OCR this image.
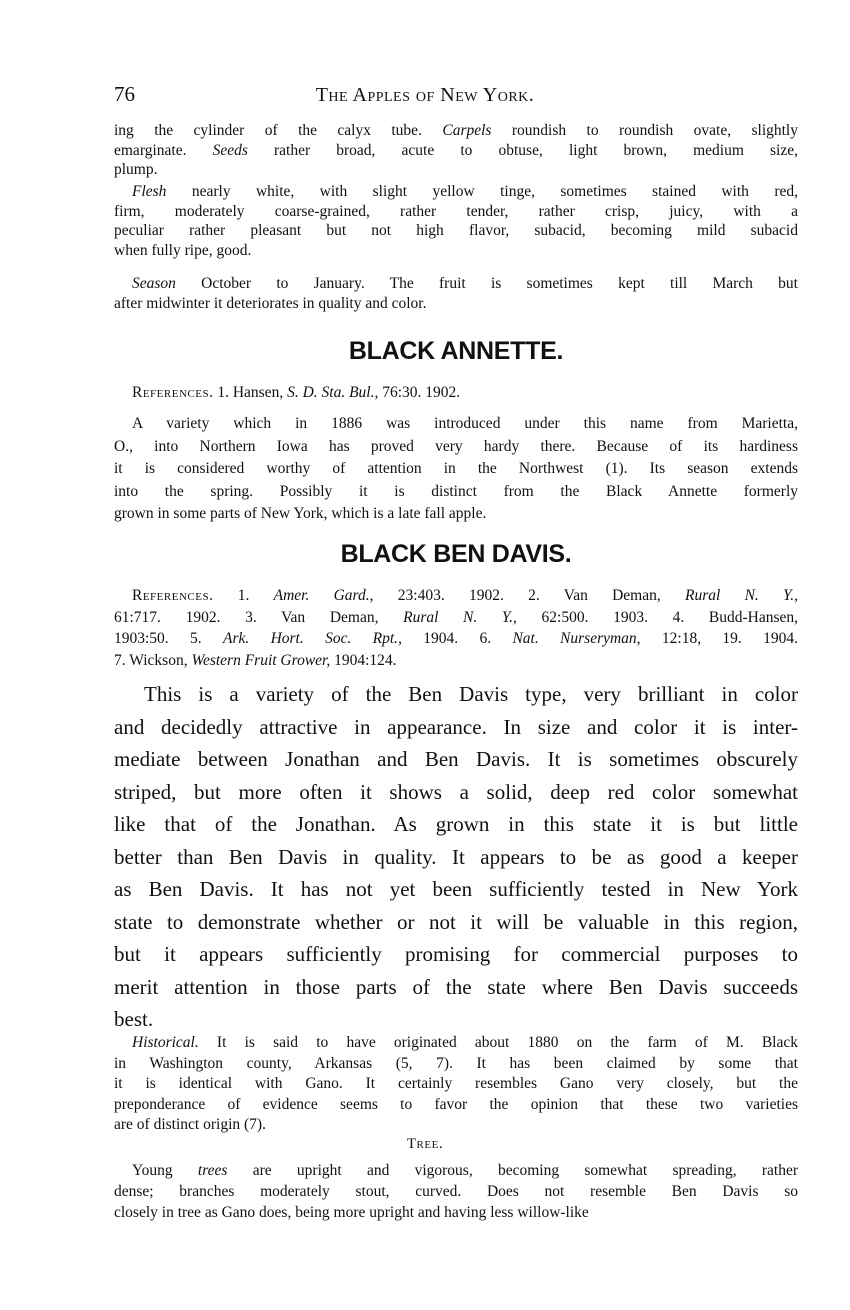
76	The Apples of New York.
ing the cylinder of the calyx tube. Carpels roundish to roundish ovate, slightly
emarginate. Seeds rather broad, acute to obtuse, light brown, medium size,
plump.
Flesh nearly white, with slight yellow tinge, sometimes stained with red,
firm, moderately coarse-grained, rather tender, rather crisp, juicy, with a
peculiar rather pleasant but not high flavor, subacid, becoming mild subacid
when fully ripe, good.
Season October to January. The fruit is sometimes kept till March but
after midwinter it deteriorates in quality and color.
BLACK ANNETTE.
References. 1. Hansen, S. D. Sta. Bul., 76:30. 1902.
A variety which in 1886 was introduced under this name from Marietta,
O., into Northern Iowa has proved very hardy there. Because of its hardiness
it is considered worthy of attention in the Northwest (1). Its season extends
into the spring. Possibly it is distinct from the Black Annette formerly
grown in some parts of New York, which is a late fall apple.
BLACK BEN DAVIS.
References. 1. Amer. Gard., 23:403. 1902. 2. Van Deman, Rural N. Y.,
61:717. 1902. 3. Van Deman, Rural N. Y., 62:500. 1903. 4. Budd-Hansen,
1903:50. 5. Ark. Hort. Soc. Rpt., 1904. 6. Nat. Nurseryman, 12:18, 19. 1904.
7. Wickson, Western Fruit Grower, 1904:124.
This is a variety of the Ben Davis type, very brilliant in color
and decidedly attractive in appearance. In size and color it is inter-
mediate between Jonathan and Ben Davis. It is sometimes obscurely
striped, but more often it shows a solid, deep red color somewhat
like that of the Jonathan. As grown in this state it is but little
better than Ben Davis in quality. It appears to be as good a keeper
as Ben Davis. It has not yet been sufficiently tested in New York
state to demonstrate whether or not it will be valuable in this region,
but it appears sufficiently promising for commercial purposes to
merit attention in those parts of the state where Ben Davis succeeds
best.
Historical. It is said to have originated about 1880 on the farm of M. Black
in Washington county, Arkansas (5, 7). It has been claimed by some that
it is identical with Gano. It certainly resembles Gano very closely, but the
preponderance of evidence seems to favor the opinion that these two varieties
are of distinct origin (7).
Tree.
Young trees are upright and vigorous, becoming somewhat spreading, rather
dense; branches moderately stout, curved. Does not resemble Ben Davis so
closely in tree as Gano does, being more upright and having less willow-like
